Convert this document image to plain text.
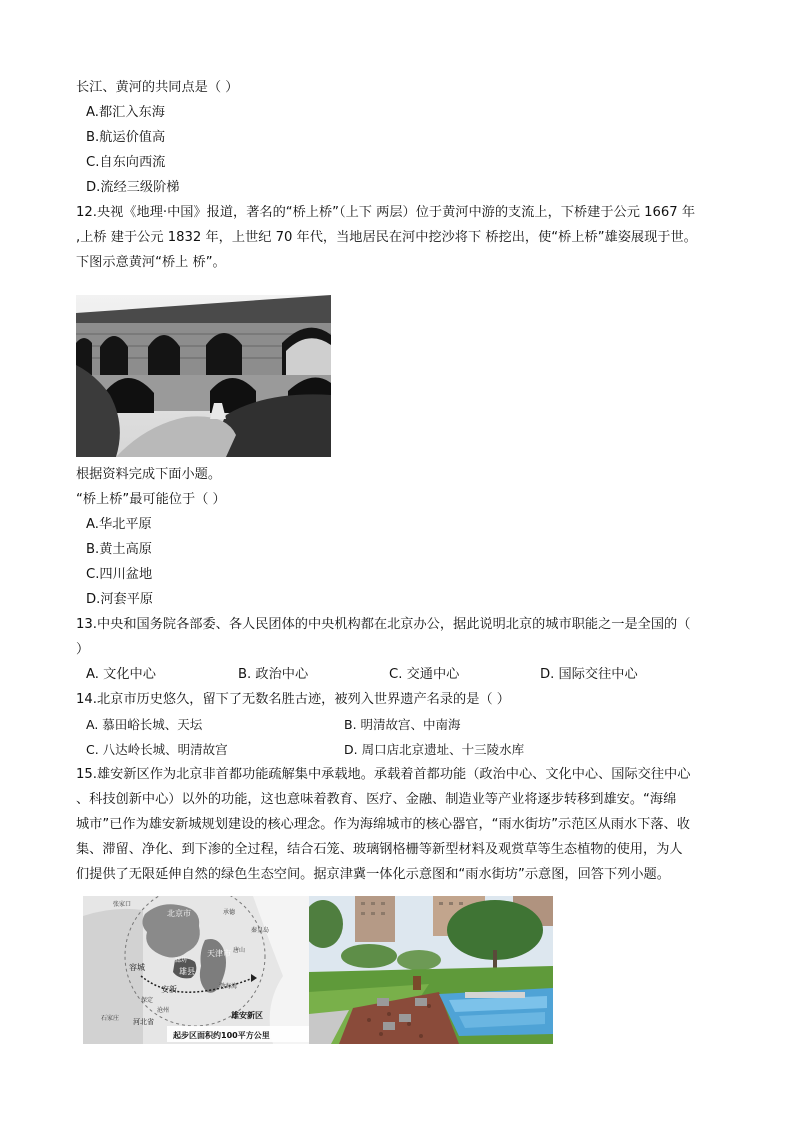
长江、黄河的共同点是（ ）
A.都汇入东海
B.航运价值高
C.自东向西流
D.流经三级阶梯
12.央视《地理·中国》报道，著名的“桥上桥”（上下 两层）位于黄河中游的支流上，下桥建于公元 1667 年
,上桥 建于公元 1832 年，上世纪 70 年代，当地居民在河中挖沙将下 桥挖出，使“桥上桥”雄姿展现于世。
下图示意黄河“桥上 桥”。
根据资料完成下面小题。
“桥上桥”最可能位于（ ）
A.华北平原
B.黄土高原
C.四川盆地
D.河套平原
13.中央和国务院各部委、各人民团体的中央机构都在北京办公，据此说明北京的城市职能之一是全国的（
）
A. 文化中心	B. 政治中心	C. 交通中心	D. 国际交往中心
14.北京市历史悠久，留下了无数名胜古迹，被列入世界遗产名录的是（ ）
A. 慕田峪长城、天坛	B. 明清故宫、中南海
C. 八达岭长城、明清故宫	D. 周口店北京遗址、十三陵水库
15.雄安新区作为北京非首都功能疏解集中承载地。承载着首都功能（政治中心、文化中心、国际交往中心
、科技创新中心）以外的功能，这也意味着教育、医疗、金融、制造业等产业将逐步转移到雄安。“海绵
城市”已作为雄安新城规划建设的核心理念。作为海绵城市的核心器官，“雨水街坊”示范区从雨水下落、收
集、滞留、净化、到下渗的全过程，结合石笼、玻璃钢格栅等新型材料及观赏草等生态植物的使用，为人
们提供了无限延伸自然的绿色生态空间。据京津冀一体化示意图和“雨水街坊”示意图，回答下列小题。
张家口
北京市	承德
秦皇岛
天津市
廊坊
唐山
容城	雄县
安新	渤海湾
保定
沧州
河北省
石家庄	雄安新区
起步区面积约100平方公里
